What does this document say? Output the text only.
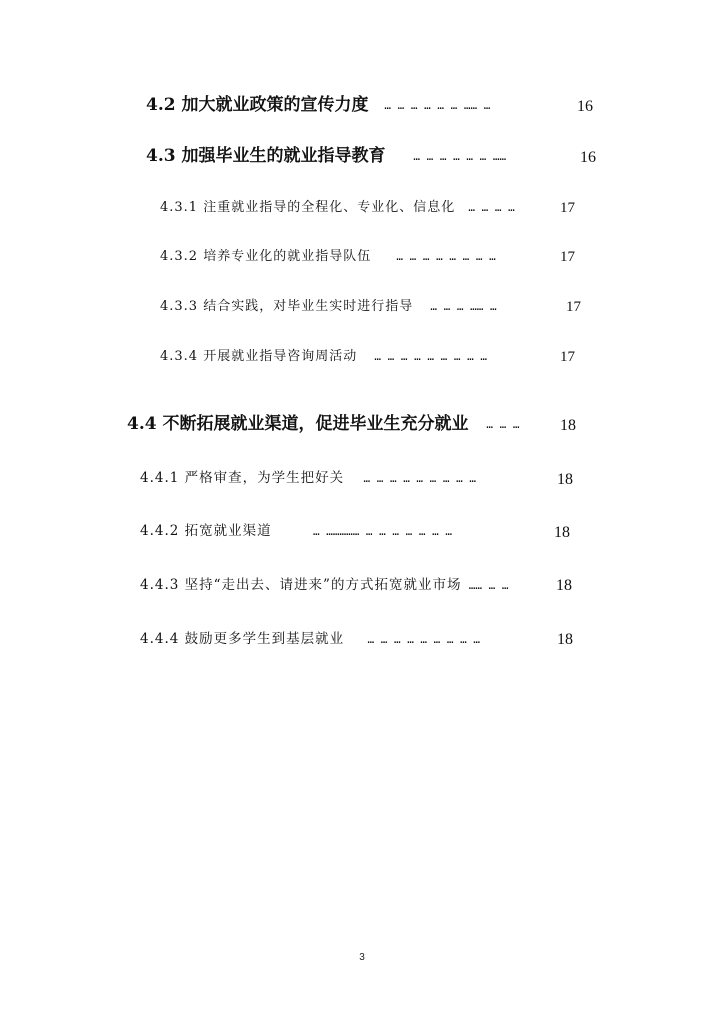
4.2 加大就业政策的宣传力度 … … … … … … …… …	16
4.3 加强毕业生的就业指导教育	… … … … … … ……	16
4.3.1 注重就业指导的全程化、专业化、信息化 … … … …	17
4.3.2 培养专业化的就业指导队伍 … … … … … … … …	17
4.3.3 结合实践，对毕业生实时进行指导 … … … …… …	17
4.3.4 开展就业指导咨询周活动 … … … … … … … … …	17
4.4 不断拓展就业渠道，促进毕业生充分就业 … … …	18
4.4.1 严格审查，为学生把好关 … … … … … … … … …	18
4.4.2 拓宽就业渠道	… …………… … … … … … … …	18
4.4.3 坚持“走出去、请进来”的方式拓宽就业市场 …… … …	18
4.4.4 鼓励更多学生到基层就业 … … … … … … … … …	18
3
